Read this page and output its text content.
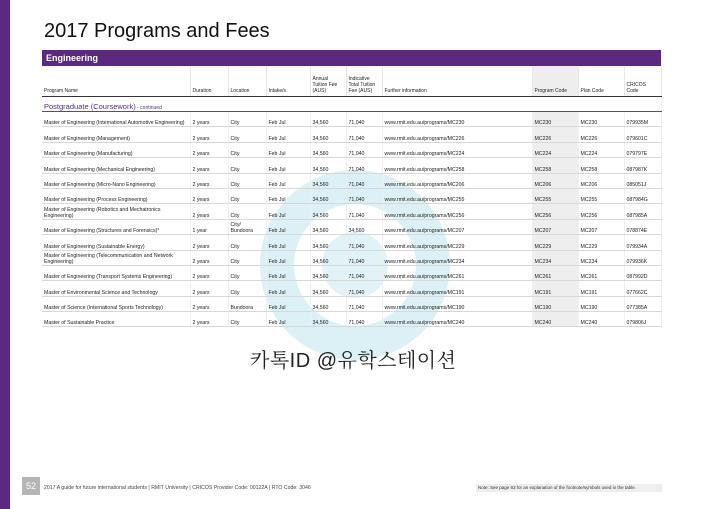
52
2017 Programs and Fees
Engineering
Program Name	Duration	Location	Intake/s	Annual Tuition Fee (AUS)	Indicative Total Tuition Fee (AUS)	Further information	Program Code	Plan Code	CRICOS Code
Postgraduate (Coursework) - continued									
Master of Engineering (International Automotive Engineering)	2 years	City	Feb Jul	34,560	71,040	www.rmit.edu.au/programs/MC230	MC230	MC230	079935M
Master of Engineering (Management)	2 years	City	Feb Jul	34,560	71,040	www.rmit.edu.au/programs/MC226	MC226	MC226	079601C
Master of Engineering (Manufacturing)	2 years	City	Feb Jul	34,560	71,040	www.rmit.edu.au/programs/MC224	MC224	MC224	079797E
Master of Engineering (Mechanical Engineering)	2 years	City	Feb Jul	34,560	71,040	www.rmit.edu.au/programs/MC258	MC258	MC258	087987K
Master of Engineering (Micro-Nano Engineering)	2 years	City	Feb Jul	34,560	71,040	www.rmit.edu.au/programs/MC206	MC206	MC206	085051J
Master of Engineering (Process Engineering)	2 years	City	Feb Jul	34,560	71,040	www.rmit.edu.au/programs/MC255	MC255	MC255	087984G
Master of Engineering (Robotics and Mechatronics Engineering)	2 years	City	Feb Jul	34,560	71,040	www.rmit.edu.au/programs/MC256	MC256	MC256	087985A
Master of Engineering (Structures and Forensics)*	1 year	City/ Bundoora	Feb Jul	34,560	34,560	www.rmit.edu.au/programs/MC207	MC207	MC207	078874E
Master of Engineering (Sustainable Energy)	2 years	City	Feb Jul	34,560	71,040	www.rmit.edu.au/programs/MC229	MC229	MC229	079934A
Master of Engineering (Telecommunication and Network Engineering)	2 years	City	Feb Jul	34,560	71,040	www.rmit.edu.au/programs/MC234	MC234	MC234	079936K
Master of Engineering (Transport Systems Engineering)	2 years	City	Feb Jul	34,560	71,040	www.rmit.edu.au/programs/MC261	MC261	MC261	087992D
Master of Environmental Science and Technology	2 years	City	Feb Jul	34,560	71,040	www.rmit.edu.au/programs/MC191	MC191	MC191	077662C
Master of Science (International Sports Technology)	2 years	Bundoora	Feb Jul	34,560	71,040	www.rmit.edu.au/programs/MC190	MC190	MC190	077385A
Master of Sustainable Practice	2 years	City	Feb Jul	34,560	71,040	www.rmit.edu.au/programs/MC240	MC240	MC240	079806J
카톡ID @유학스테이션
2017 A guide for future international students | RMIT University | CRICOS Provider Code: 00122A | RTO Code: 3046	Note: See page 63 for an explanation of the footnote/symbols used in the table.
